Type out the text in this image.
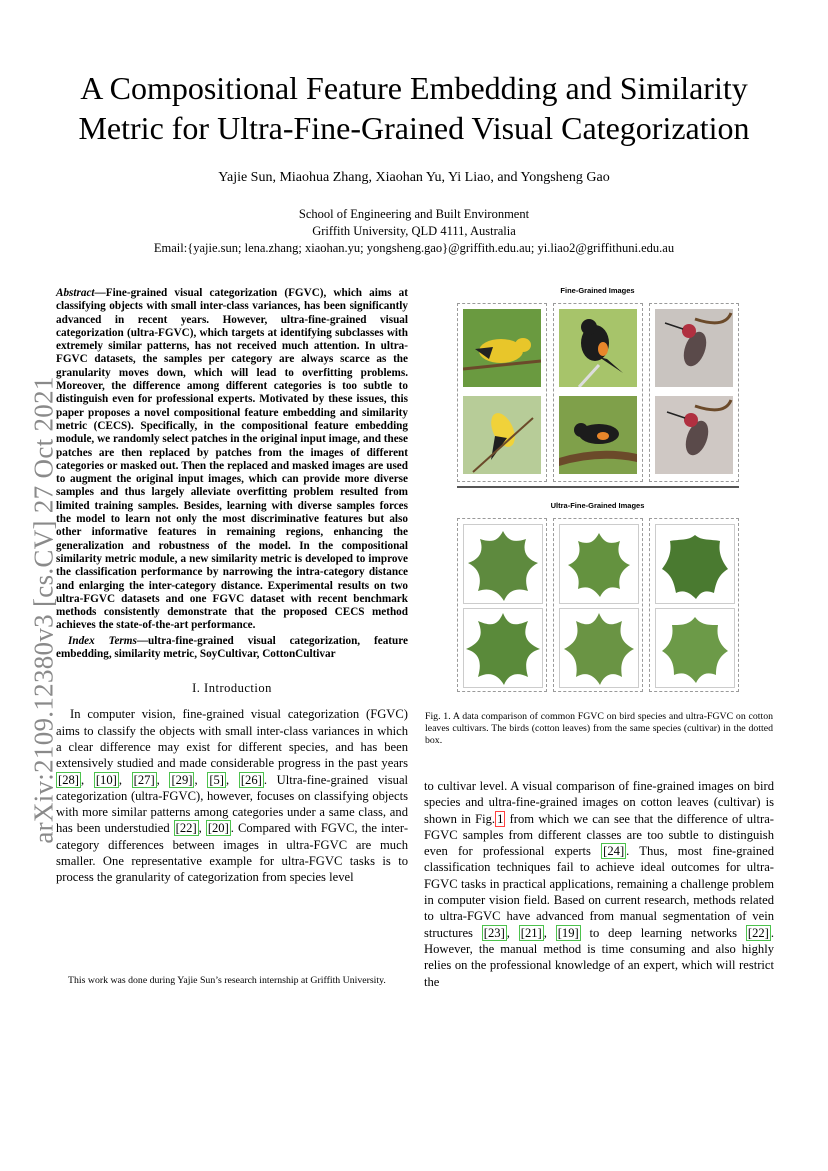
arXiv:2109.12380v3 [cs.CV] 27 Oct 2021
A Compositional Feature Embedding and Similarity Metric for Ultra-Fine-Grained Visual Categorization
Yajie Sun, Miaohua Zhang, Xiaohan Yu, Yi Liao, and Yongsheng Gao
School of Engineering and Built Environment
Griffith University, QLD 4111, Australia
Email:{yajie.sun; lena.zhang; xiaohan.yu; yongsheng.gao}@griffith.edu.au; yi.liao2@griffithuni.edu.au

Abstract—Fine-grained visual categorization (FGVC), which aims at classifying objects with small inter-class variances, has been significantly advanced in recent years. However, ultra-fine-grained visual categorization (ultra-FGVC), which targets at identifying subclasses with extremely similar patterns, has not received much attention. In ultra-FGVC datasets, the samples per category are always scarce as the granularity moves down, which will lead to overfitting problems. Moreover, the difference among different categories is too subtle to distinguish even for professional experts. Motivated by these issues, this paper proposes a novel compositional feature embedding and similarity metric (CECS). Specifically, in the compositional feature embedding module, we randomly select patches in the original input image, and these patches are then replaced by patches from the images of different categories or masked out. Then the replaced and masked images are used to augment the original input images, which can provide more diverse samples and thus largely alleviate overfitting problem resulted from limited training samples. Besides, learning with diverse samples forces the model to learn not only the most discriminative features but also other informative features in remaining regions, enhancing the generalization and robustness of the model. In the compositional similarity metric module, a new similarity metric is developed to improve the classification performance by narrowing the intra-category distance and enlarging the inter-category distance. Experimental results on two ultra-FGVC datasets and one FGVC dataset with recent benchmark methods consistently demonstrate that the proposed CECS method achieves the state-of-the-art performance.

Index Terms—ultra-fine-grained visual categorization, feature embedding, similarity metric, SoyCultivar, CottonCultivar

I. Introduction

In computer vision, fine-grained visual categorization (FGVC) aims to classify the objects with small inter-class variances in which a clear difference may exist for different species, and has been extensively studied and made considerable progress in the past years [28] , [10] , [27] , [29] , [5] , [26] . Ultra-fine-grained visual categorization (ultra-FGVC), however, focuses on classifying objects with more similar patterns among categories under a same class, and has been understudied [22] , [20] . Compared with FGVC, the inter-category differences between images in ultra-FGVC are much smaller. One representative example for ultra-FGVC tasks is to process the granularity of categorization from species level

This work was done during Yajie Sun’s research internship at Griffith University.
Fine-Grained Images
Ultra-Fine-Grained Images
Fig. 1. A data comparison of common FGVC on bird species and ultra-FGVC on cotton leaves cultivars. The birds (cotton leaves) from the same species (cultivar) in the dotted box.

to cultivar level. A visual comparison of fine-grained images on bird species and ultra-fine-grained images on cotton leaves (cultivar) is shown in Fig. 1 from which we can see that the difference of ultra-FGVC samples from different classes are too subtle to distinguish even for professional experts [24] . Thus, most fine-grained classification techniques fail to achieve ideal outcomes for ultra-FGVC tasks in practical applications, remaining a challenge problem in computer vision field. Based on current research, methods related to ultra-FGVC have advanced from manual segmentation of vein structures [23] , [21] , [19] to deep learning networks [22] . However, the manual method is time consuming and also highly relies on the professional knowledge of an expert, which will restrict the
